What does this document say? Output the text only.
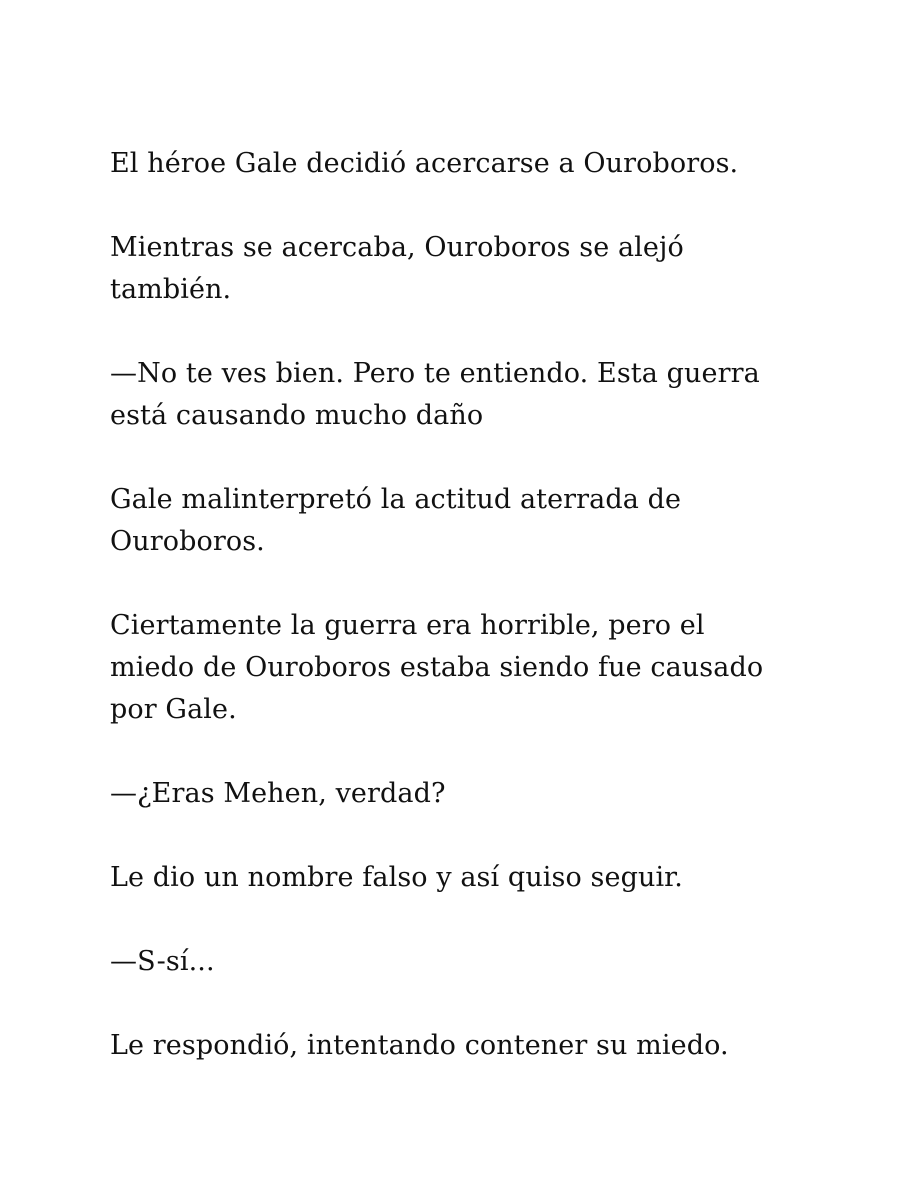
El héroe Gale decidió acercarse a Ouroboros.

Mientras se acercaba, Ouroboros se alejó también.

—No te ves bien. Pero te entiendo. Esta guerra está causando mucho daño

Gale malinterpretó la actitud aterrada de Ouroboros.

Ciertamente la guerra era horrible, pero el miedo de Ouroboros estaba siendo fue causado por Gale.

—¿Eras Mehen, verdad?

Le dio un nombre falso y así quiso seguir.

—S-sí...

Le respondió, intentando contener su miedo.
